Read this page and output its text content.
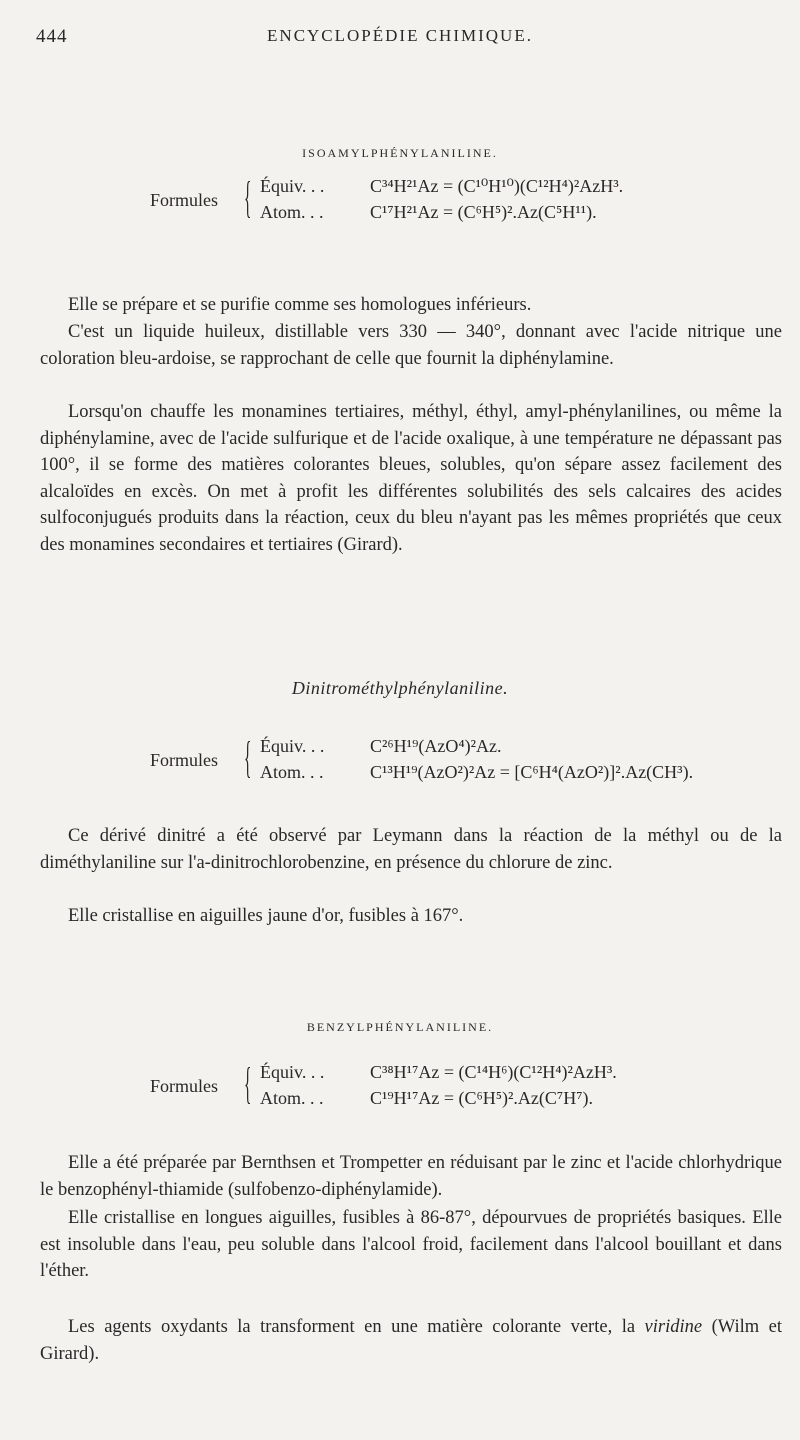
444	ENCYCLOPÉDIE CHIMIQUE.
ISOAMYLPHÉNYLANILINE.
Formules { Équiv. . .	C³⁴H²¹Az = (C¹⁰H¹⁰)(C¹²H⁴)²AzH³.
Atom. . .	C¹⁷H²¹Az = (C⁶H⁵)².Az(C⁵H¹¹).

Elle se prépare et se purifie comme ses homologues inférieurs.

C'est un liquide huileux, distillable vers 330 — 340°, donnant avec l'acide nitrique une coloration bleu-ardoise, se rapprochant de celle que fournit la diphénylamine.

Lorsqu'on chauffe les monamines tertiaires, méthyl, éthyl, amyl-phénylanilines, ou même la diphénylamine, avec de l'acide sulfurique et de l'acide oxalique, à une température ne dépassant pas 100°, il se forme des matières colorantes bleues, solubles, qu'on sépare assez facilement des alcaloïdes en excès. On met à profit les différentes solubilités des sels calcaires des acides sulfoconjugués produits dans la réaction, ceux du bleu n'ayant pas les mêmes propriétés que ceux des monamines secondaires et tertiaires (Girard).

Dinitrométhylphénylaniline.
Formules { Équiv. . .	C²⁶H¹⁹(AzO⁴)²Az.
Atom. . .	C¹³H¹⁹(AzO²)²Az = [C⁶H⁴(AzO²)]².Az(CH³).

Ce dérivé dinitré a été observé par Leymann dans la réaction de la méthyl ou de la diméthylaniline sur l'a-dinitrochlorobenzine, en présence du chlorure de zinc.

Elle cristallise en aiguilles jaune d'or, fusibles à 167°.

BENZYLPHÉNYLANILINE.
Formules { Équiv. . .	C³⁸H¹⁷Az = (C¹⁴H⁶)(C¹²H⁴)²AzH³.
Atom. . .	C¹⁹H¹⁷Az = (C⁶H⁵)².Az(C⁷H⁷).

Elle a été préparée par Bernthsen et Trompetter en réduisant par le zinc et l'acide chlorhydrique le benzophényl-thiamide (sulfobenzo-diphénylamide).

Elle cristallise en longues aiguilles, fusibles à 86-87°, dépourvues de propriétés basiques. Elle est insoluble dans l'eau, peu soluble dans l'alcool froid, facilement dans l'alcool bouillant et dans l'éther.

Les agents oxydants la transforment en une matière colorante verte, la viridine (Wilm et Girard).
